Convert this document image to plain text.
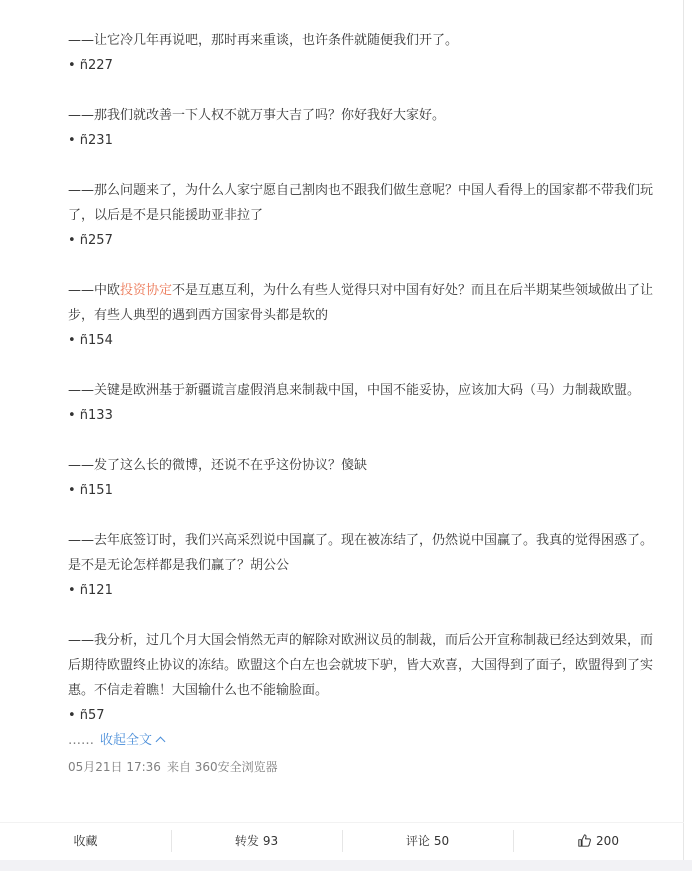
——让它冷几年再说吧，那时再来重谈，也许条件就随便我们开了。
• ñ227
——那我们就改善一下人权不就万事大吉了吗？你好我好大家好。
• ñ231
——那么问题来了，为什么人家宁愿自己割肉也不跟我们做生意呢？中国人看得上的国家都不带我们玩了，以后是不是只能援助亚非拉了
• ñ257
——中欧投资协定不是互惠互利，为什么有些人觉得只对中国有好处？而且在后半期某些领域做出了让步，有些人典型的遇到西方国家骨头都是软的
• ñ154
——关键是欧洲基于新疆谎言虚假消息来制裁中国，中国不能妥协，应该加大码（马）力制裁欧盟。
• ñ133
——发了这么长的微博，还说不在乎这份协议？傻缺
• ñ151
——去年底签订时，我们兴高采烈说中国赢了。现在被冻结了，仍然说中国赢了。我真的觉得困惑了。是不是无论怎样都是我们赢了？胡公公
• ñ121
——我分析，过几个月大国会悄然无声的解除对欧洲议员的制裁，而后公开宣称制裁已经达到效果，而后期待欧盟终止协议的冻结。欧盟这个白左也会就坡下驴，皆大欢喜，大国得到了面子，欧盟得到了实惠。不信走着瞧！大国输什么也不能输脸面。
• ñ57
…… 收起全文
05月21日 17:36 来自 360安全浏览器
收藏	转发 93	评论 50	200
